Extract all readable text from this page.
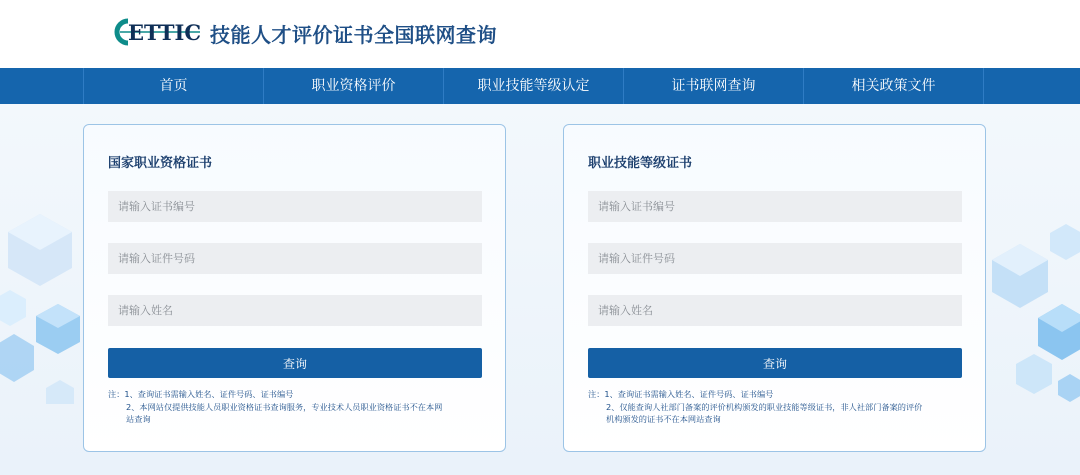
ETTIC 技能人才评价证书全国联网查询
首页	职业资格评价	职业技能等级认定	证书联网查询	相关政策文件
国家职业资格证书
请输入证书编号
请输入证件号码
请输入姓名
查询
注：1、查询证书需输入姓名、证件号码、证书编号
2、本网站仅提供技能人员职业资格证书查询服务，专业技术人员职业资格证书不在本网
站查询
职业技能等级证书
请输入证书编号
请输入证件号码
请输入姓名
查询
注：1、查询证书需输入姓名、证件号码、证书编号
2、仅能查询人社部门备案的评价机构颁发的职业技能等级证书，非人社部门备案的评价
机构颁发的证书不在本网站查询
